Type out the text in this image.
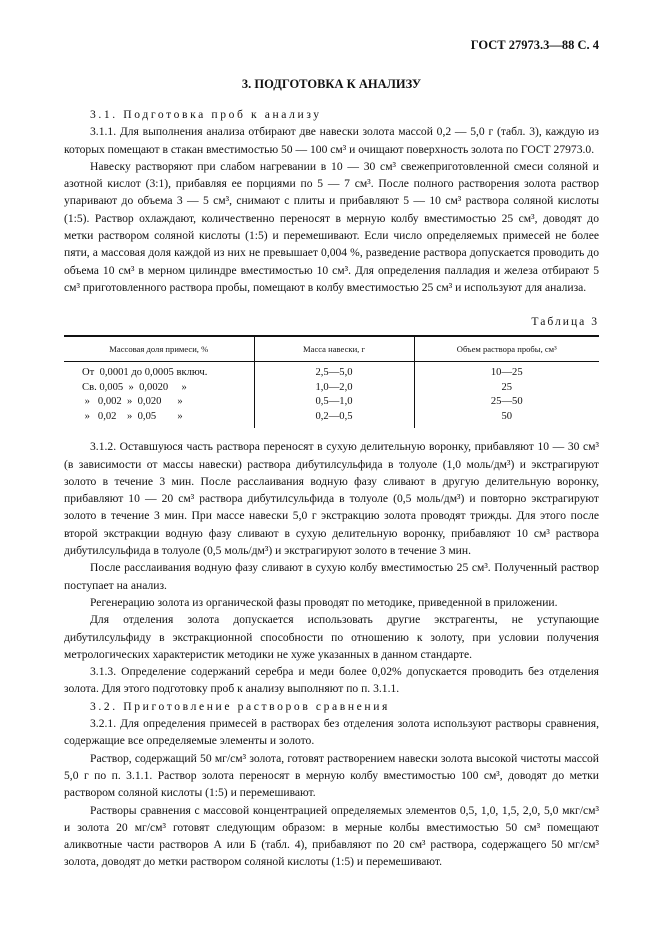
ГОСТ 27973.3—88 С. 4
3. ПОДГОТОВКА К АНАЛИЗУ

3.1. Подготовка проб к анализу

3.1.1. Для выполнения анализа отбирают две навески золота массой 0,2 — 5,0 г (табл. 3), каждую из которых помещают в стакан вместимостью 50 — 100 см³ и очищают поверхность золота по ГОСТ 27973.0.

Навеску растворяют при слабом нагревании в 10 — 30 см³ свежеприготовленной смеси соляной и азотной кислот (3:1), прибавляя ее порциями по 5 — 7 см³. После полного растворения золота раствор упаривают до объема 3 — 5 см³, снимают с плиты и прибавляют 5 — 10 см³ раствора соляной кислоты (1:5). Раствор охлаждают, количественно переносят в мерную колбу вместимостью 25 см³, доводят до метки раствором соляной кислоты (1:5) и перемешивают. Если число определяемых примесей не более пяти, а массовая доля каждой из них не превышает 0,004 %, разведение раствора допускается проводить до объема 10 см³ в мерном цилиндре вместимостью 10 см³. Для определения палладия и железа отбирают 5 см³ приготовленного раствора пробы, помещают в колбу вместимостью 25 см³ и используют для анализа.

Таблица 3
Массовая доля примеси, %	Масса навески, г	Объем раствора пробы, см³
От  0,0001 до 0,0005 включ.	2,5—5,0	10—25
Св. 0,005  »  0,0020     »	1,0—2,0	25
»   0,002  »  0,020      »	0,5—1,0	25—50
»   0,02    »  0,05        »	0,2—0,5	50

3.1.2. Оставшуюся часть раствора переносят в сухую делительную воронку, прибавляют 10 — 30 см³ (в зависимости от массы навески) раствора дибутилсульфида в толуоле (1,0 моль/дм³) и экстрагируют золото в течение 3 мин. После расслаивания водную фазу сливают в другую делительную воронку, прибавляют 10 — 20 см³ раствора дибутилсульфида в толуоле (0,5 моль/дм³) и повторно экстрагируют золото в течение 3 мин. При массе навески 5,0 г экстракцию золота проводят трижды. Для этого после второй экстракции водную фазу сливают в сухую делительную воронку, прибавляют 10 см³ раствора дибутилсульфида в толуоле (0,5 моль/дм³) и экстрагируют золото в течение 3 мин.

После расслаивания водную фазу сливают в сухую колбу вместимостью 25 см³. Полученный раствор поступает на анализ.

Регенерацию золота из органической фазы проводят по методике, приведенной в приложении.

Для отделения золота допускается использовать другие экстрагенты, не уступающие дибутилсульфиду в экстракционной способности по отношению к золоту, при условии получения метрологических характеристик методики не хуже указанных в данном стандарте.

3.1.3. Определение содержаний серебра и меди более 0,02% допускается проводить без отделения золота. Для этого подготовку проб к анализу выполняют по п. 3.1.1.

3.2. Приготовление растворов сравнения

3.2.1. Для определения примесей в растворах без отделения золота используют растворы сравнения, содержащие все определяемые элементы и золото.

Раствор, содержащий 50 мг/см³ золота, готовят растворением навески золота высокой чистоты массой 5,0 г по п. 3.1.1. Раствор золота переносят в мерную колбу вместимостью 100 см³, доводят до метки раствором соляной кислоты (1:5) и перемешивают.

Растворы сравнения с массовой концентрацией определяемых элементов 0,5, 1,0, 1,5, 2,0, 5,0 мкг/см³ и золота 20 мг/см³ готовят следующим образом: в мерные колбы вместимостью 50 см³ помещают аликвотные части растворов А или Б (табл. 4), прибавляют по 20 см³ раствора, содержащего 50 мг/см³ золота, доводят до метки раствором соляной кислоты (1:5) и перемешивают.
